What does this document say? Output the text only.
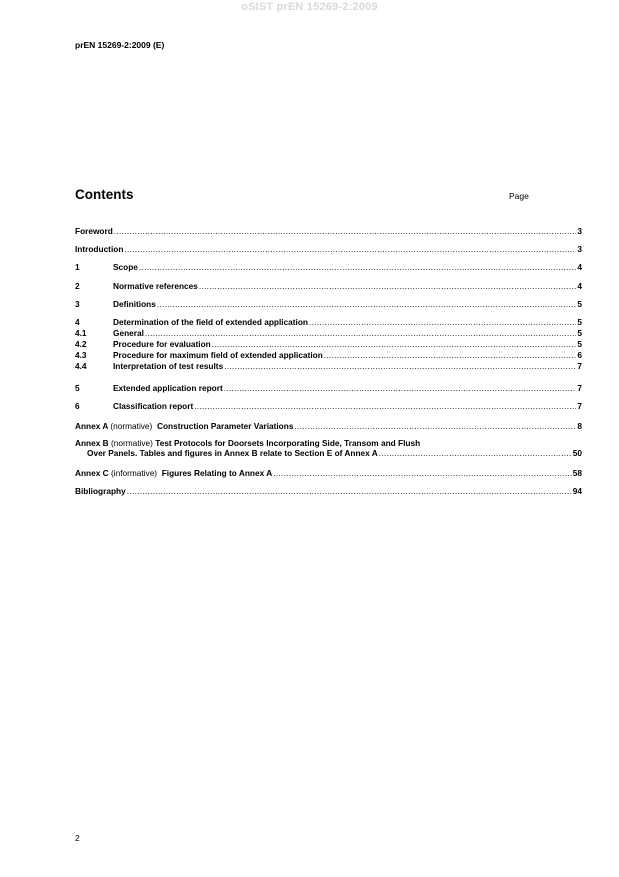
oSIST prEN 15269-2:2009
prEN 15269-2:2009 (E)
Contents	Page
Foreword .....	3
Introduction .....	3
1	Scope .....	4
2	Normative references .....	4
3	Definitions .....	5
4	Determination of the field of extended application .....	5
4.1	General .....	5
4.2	Procedure for evaluation .....	5
4.3	Procedure for maximum field of extended application .....	6
4.4	Interpretation of test results .....	7
5	Extended application report .....	7
6	Classification report .....	7
Annex A (normative) Construction Parameter Variations .....	8
Annex B (normative) Test Protocols for Doorsets Incorporating Side, Transom and Flush
Over Panels. Tables and figures in Annex B relate to Section E of Annex A .....	50
Annex C (informative) Figures Relating to Annex A .....	58
Bibliography .....	94
2
